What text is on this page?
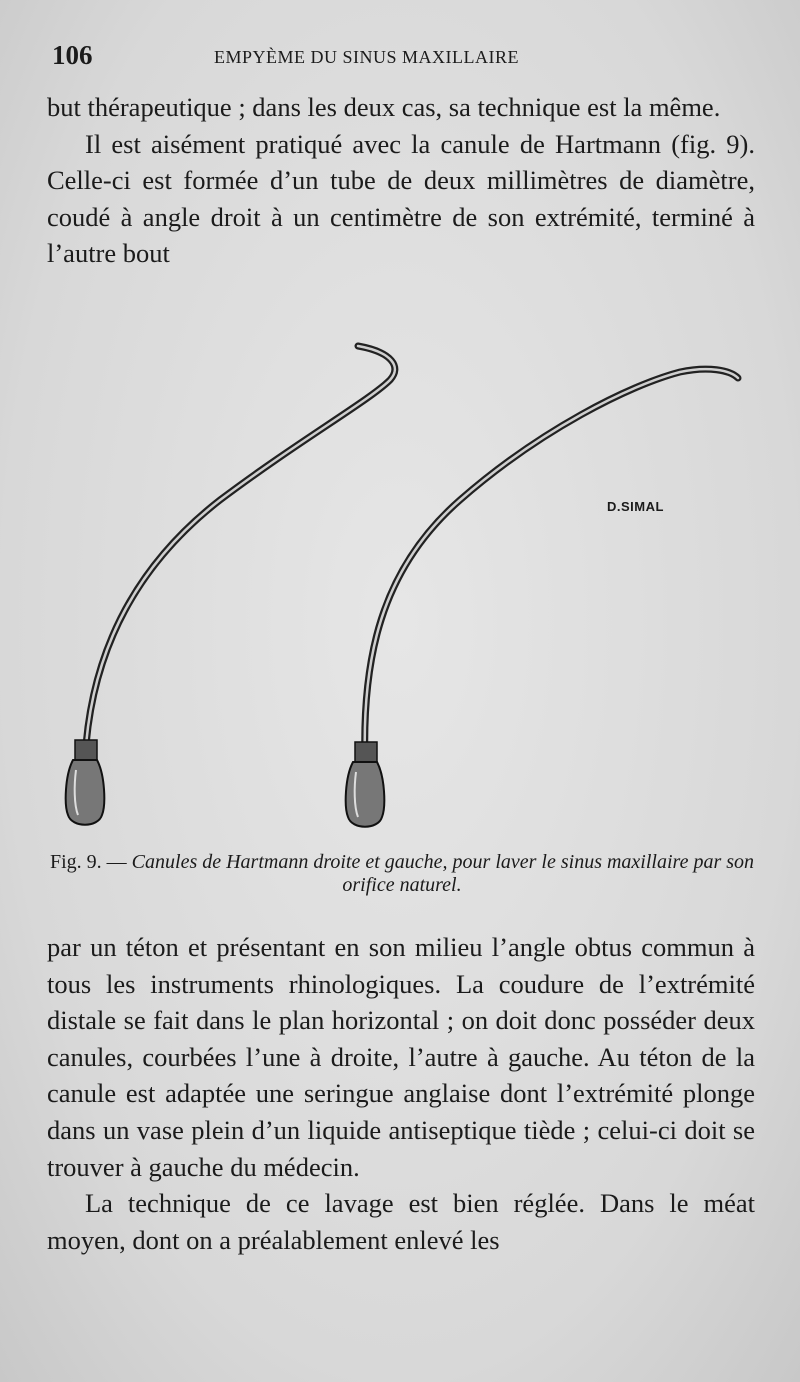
106	EMPYÈME DU SINUS MAXILLAIRE

but thérapeutique ; dans les deux cas, sa technique est la même.

Il est aisément pratiqué avec la canule de Hartmann (fig. 9). Celle-ci est formée d’un tube de deux millimètres de diamètre, coudé à angle droit à un centimètre de son extrémité, terminé à l’autre bout

D.SIMAL
Fig. 9. — Canules de Hartmann droite et gauche, pour laver le sinus maxillaire par son orifice naturel.

par un téton et présentant en son milieu l’angle obtus commun à tous les instruments rhinologiques. La coudure de l’extrémité distale se fait dans le plan horizontal ; on doit donc posséder deux canules, courbées l’une à droite, l’autre à gauche. Au téton de la canule est adaptée une seringue anglaise dont l’extrémité plonge dans un vase plein d’un liquide antiseptique tiède ; celui-ci doit se trouver à gauche du médecin.

La technique de ce lavage est bien réglée. Dans le méat moyen, dont on a préalablement enlevé les
